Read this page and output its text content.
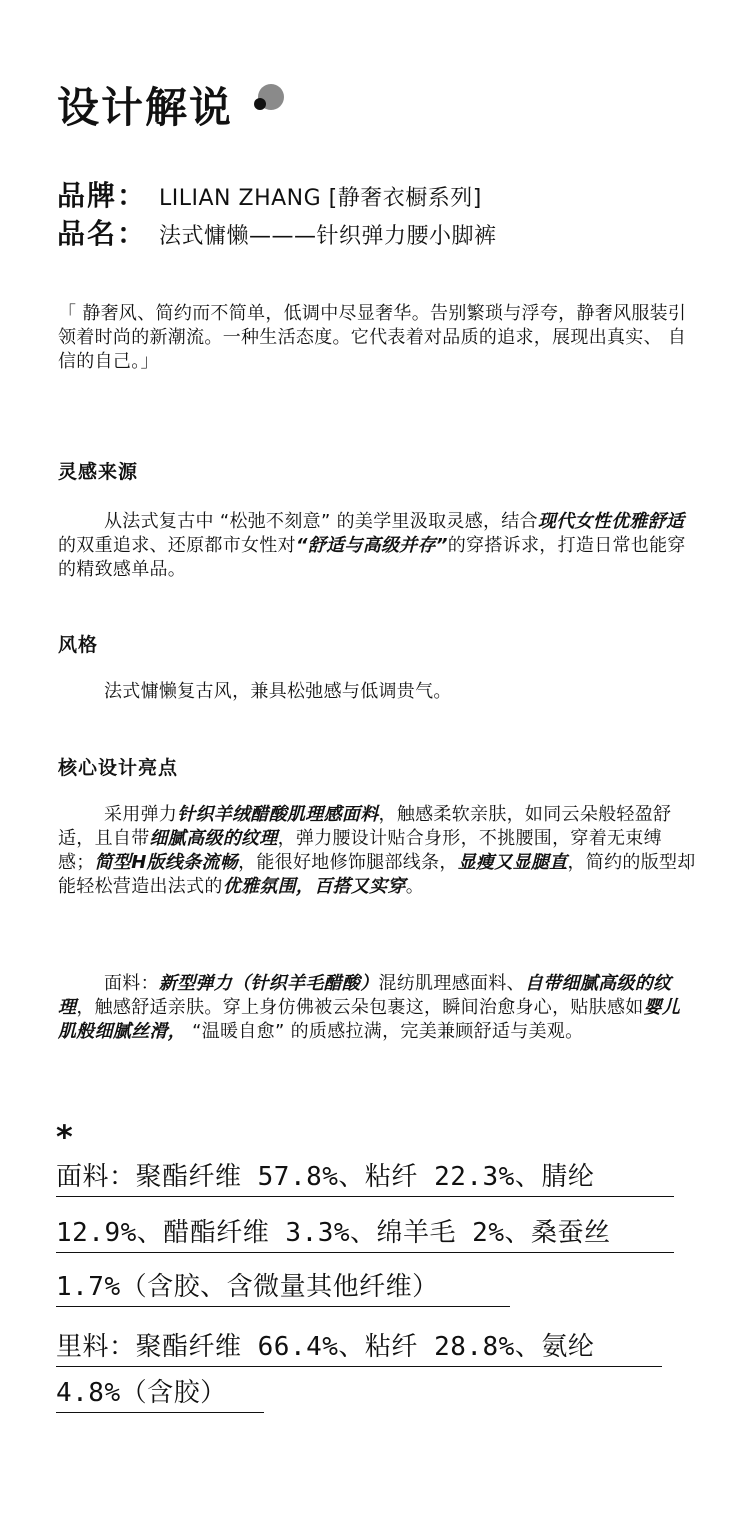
设计解说
品牌： LILIAN ZHANG [静奢衣橱系列]
品名： 法式慵懒———针织弹力腰小脚裤

「 静奢风、简约而不简单，低调中尽显奢华。告别繁琐与浮夸，静奢风服装引领着时尚的新潮流。一种生活态度。它代表着对品质的追求，展现出真实、 自信的自己。」

灵感来源

从法式复古中 “松弛不刻意” 的美学里汲取灵感，结合现代女性优雅舒适的双重追求、还原都市女性对“舒适与高级并存”的穿搭诉求，打造日常也能穿的精致感单品。

风格

法式慵懒复古风，兼具松弛感与低调贵气。

核心设计亮点

采用弹力针织羊绒醋酸肌理感面料，触感柔软亲肤，如同云朵般轻盈舒适，且自带细腻高级的纹理，弹力腰设计贴合身形，不挑腰围，穿着无束缚感；简型H版线条流畅，能很好地修饰腿部线条，显瘦又显腿直，简约的版型却能轻松营造出法式的优雅氛围，百搭又实穿。

面料：新型弹力（针织羊毛醋酸）混纺肌理感面料、自带细腻高级的纹理，触感舒适亲肤。穿上身仿佛被云朵包裹这，瞬间治愈身心，贴肤感如婴儿肌般细腻丝滑， “温暖自愈” 的质感拉满，完美兼顾舒适与美观。

*
面料：聚酯纤维 57.8%、粘纤 22.3%、腈纶
12.9%、醋酯纤维 3.3%、绵羊毛 2%、桑蚕丝
1.7%（含胶、含微量其他纤维）
里料：聚酯纤维 66.4%、粘纤 28.8%、氨纶
4.8%（含胶）
